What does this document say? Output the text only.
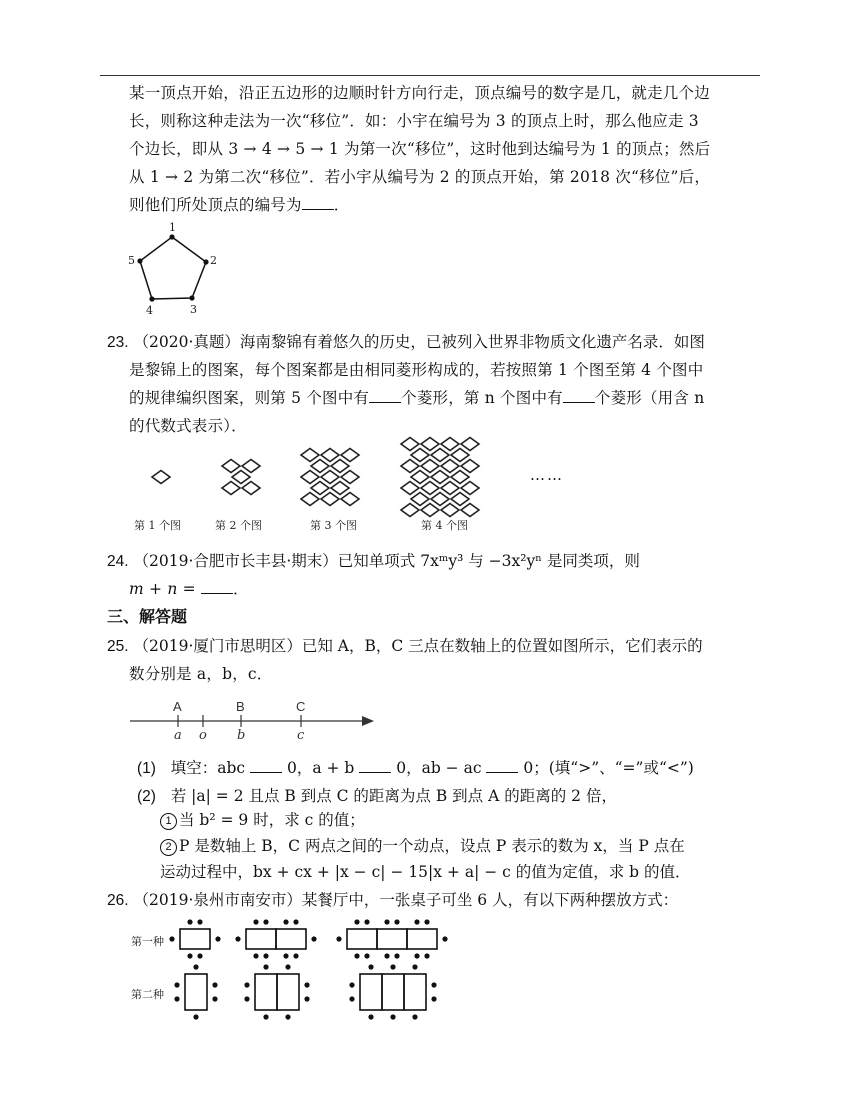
某一顶点开始，沿正五边形的边顺时针方向行走，顶点编号的数字是几，就走几个边
长，则称这种走法为一次“移位”．如：小宇在编号为 3 的顶点上时，那么他应走 3
个边长，即从 3 → 4 → 5 → 1 为第一次“移位”，这时他到达编号为 1 的顶点；然后
从 1 → 2 为第二次“移位”．若小宇从编号为 2 的顶点开始，第 2018 次“移位”后，
则他们所处顶点的编号为 ．
1
2
3
4
5
23. （2020·真题）海南黎锦有着悠久的历史，已被列入世界非物质文化遗产名录．如图
是黎锦上的图案，每个图案都是由相同菱形构成的，若按照第 1 个图至第 4 个图中
的规律编织图案，则第 5 个图中有 个菱形，第 n 个图中有 个菱形（用含 n
的代数式表示）．
第 1 个图	第 2 个图	第 3 个图	第 4 个图
……
24. （2019·合肥市长丰县·期末）已知单项式 7xᵐy³ 与 −3x²yⁿ 是同类项，则
m + n = ．
三、解答题
25. （2019·厦门市思明区）已知 A，B，C 三点在数轴上的位置如图所示，它们表示的
数分别是 a，b，c．
A	B	C
a o b	c
(1) 填空：abc	0，a + b	0，ab − ac	0；(填“>”、“=”或“<”)
(2) 若 |a| = 2 且点 B 到点 C 的距离为点 B 到点 A 的距离的 2 倍，
1 当 b² = 9 时，求 c 的值；
2 P 是数轴上 B，C 两点之间的一个动点，设点 P 表示的数为 x，当 P 点在
运动过程中，bx + cx + |x − c| − 15|x + a| − c 的值为定值，求 b 的值．
26. （2019·泉州市南安市）某餐厅中，一张桌子可坐 6 人，有以下两种摆放方式：
第一种
第二种
